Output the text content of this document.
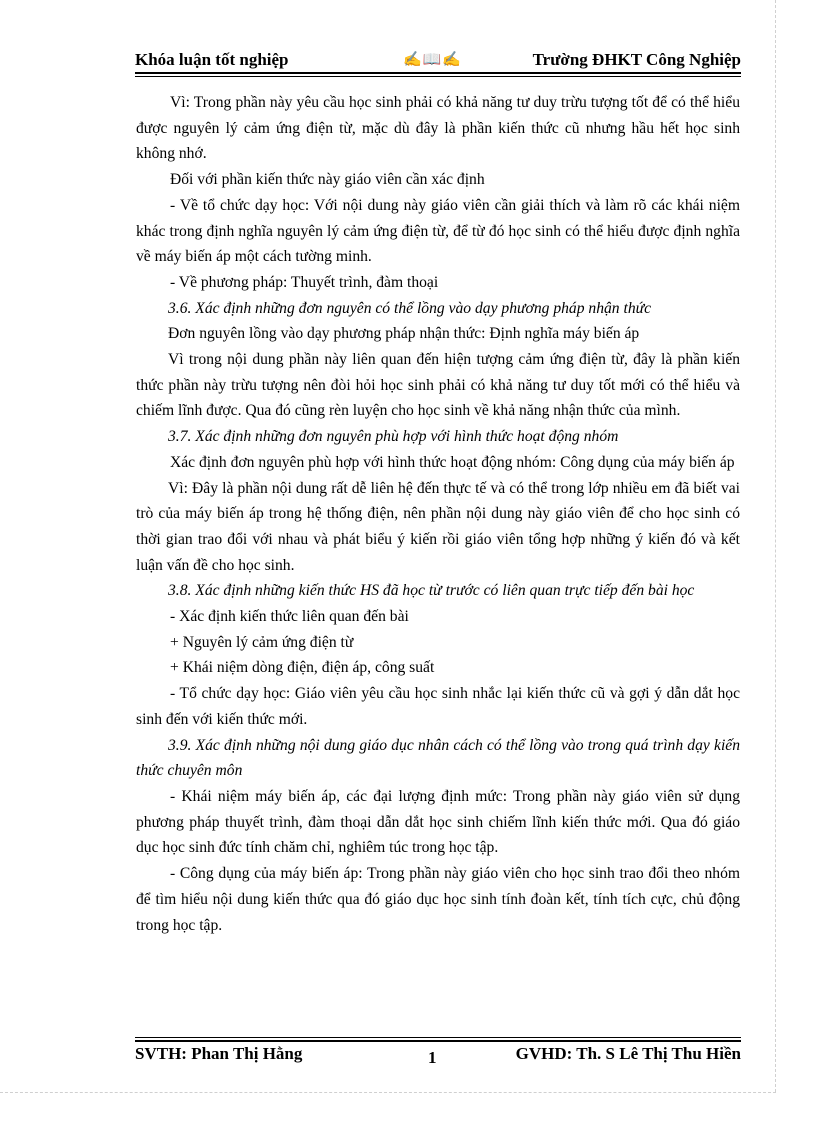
Khóa luận tốt nghiệp	✍📖✍	Trường ĐHKT Công Nghiệp

Vì: Trong phần này yêu cầu học sinh phải có khả năng tư duy trừu tượng tốt để có thể hiểu được nguyên lý cảm ứng điện từ, mặc dù đây là phần kiến thức cũ nhưng hầu hết học sinh không nhớ.

Đối với phần kiến thức này giáo viên cần xác định

- Về tổ chức dạy học: Với nội dung này giáo viên cần giải thích và làm rõ các khái niệm khác trong định nghĩa nguyên lý cảm ứng điện từ, để từ đó học sinh có thể hiểu được định nghĩa về máy biến áp một cách tường minh.

- Về phương pháp: Thuyết trình, đàm thoại

3.6. Xác định những đơn nguyên có thể lồng vào dạy phương pháp nhận thức

Đơn nguyên lồng vào dạy phương pháp nhận thức: Định nghĩa máy biến áp

Vì trong nội dung phần này liên quan đến hiện tượng cảm ứng điện từ, đây là phần kiến thức phần này trừu tượng nên đòi hỏi học sinh phải có khả năng tư duy tốt mới có thể hiểu và chiếm lĩnh được. Qua đó cũng rèn luyện cho học sinh về khả năng nhận thức của mình.

3.7. Xác định những đơn nguyên phù hợp với hình thức hoạt động nhóm

Xác định đơn nguyên phù hợp với hình thức hoạt động nhóm: Công dụng của máy biến áp

Vì: Đây là phần nội dung rất dễ liên hệ đến thực tế và có thể trong lớp nhiều em đã biết vai trò của máy biến áp trong hệ thống điện, nên phần nội dung này giáo viên để cho học sinh có thời gian trao đổi với nhau và phát biểu ý kiến rồi giáo viên tổng hợp những ý kiến đó và kết luận vấn đề cho học sinh.

3.8. Xác định những kiến thức HS đã học từ trước có liên quan trực tiếp đến bài học

- Xác định kiến thức liên quan đến bài

+ Nguyên lý cảm ứng điện từ

+ Khái niệm dòng điện, điện áp, công suất

- Tổ chức dạy học: Giáo viên yêu cầu học sinh nhắc lại kiến thức cũ và gợi ý dẫn dắt học sinh đến với kiến thức mới.

3.9. Xác định những nội dung giáo dục nhân cách có thể lồng vào trong quá trình dạy kiến thức chuyên môn

- Khái niệm máy biến áp, các đại lượng định mức: Trong phần này giáo viên sử dụng phương pháp thuyết trình, đàm thoại dẫn dắt học sinh chiếm lĩnh kiến thức mới. Qua đó giáo dục học sinh đức tính chăm chỉ, nghiêm túc trong học tập.

- Công dụng của máy biến áp: Trong phần này giáo viên cho học sinh trao đổi theo nhóm để tìm hiểu nội dung kiến thức qua đó giáo dục học sinh tính đoàn kết, tính tích cực, chủ động trong học tập.

SVTH: Phan Thị Hằng	1	GVHD: Th. S Lê Thị Thu Hiền
